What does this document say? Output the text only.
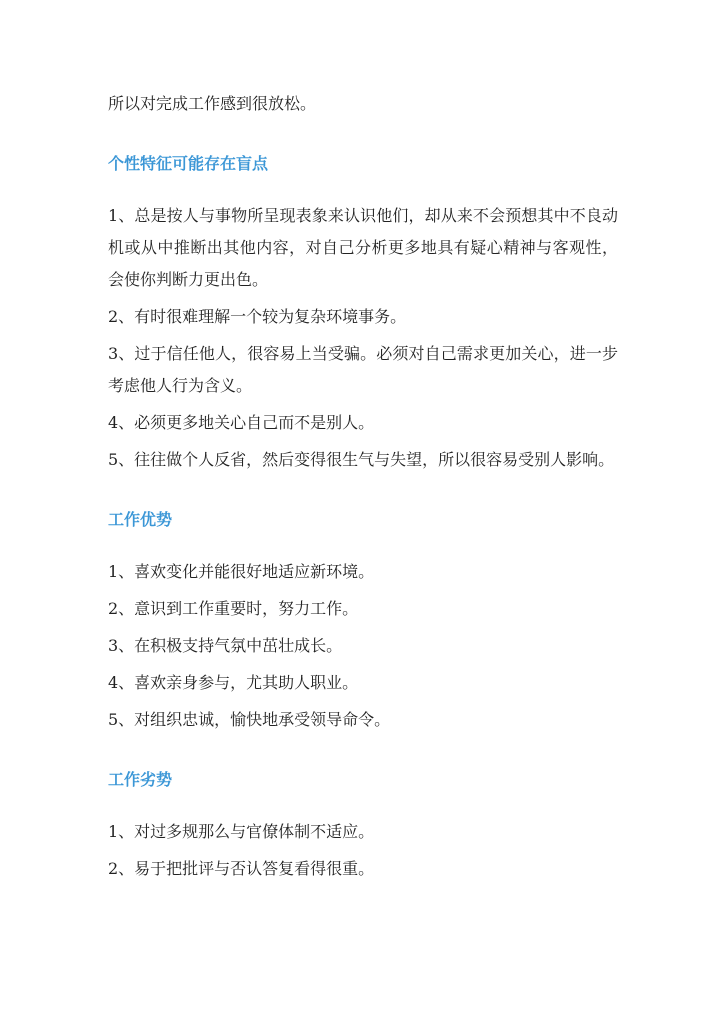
所以对完成工作感到很放松。

个性特征可能存在盲点

1、总是按人与事物所呈现表象来认识他们，却从来不会预想其中不良动机或从中推断出其他内容，对自己分析更多地具有疑心精神与客观性，会使你判断力更出色。

2、有时很难理解一个较为复杂环境事务。

3、过于信任他人，很容易上当受骗。必须对自己需求更加关心，进一步考虑他人行为含义。

4、必须更多地关心自己而不是别人。

5、往往做个人反省，然后变得很生气与失望，所以很容易受别人影响。

工作优势

1、喜欢变化并能很好地适应新环境。

2、意识到工作重要时，努力工作。

3、在积极支持气氛中茁壮成长。

4、喜欢亲身参与，尤其助人职业。

5、对组织忠诚，愉快地承受领导命令。

工作劣势

1、对过多规那么与官僚体制不适应。

2、易于把批评与否认答复看得很重。
